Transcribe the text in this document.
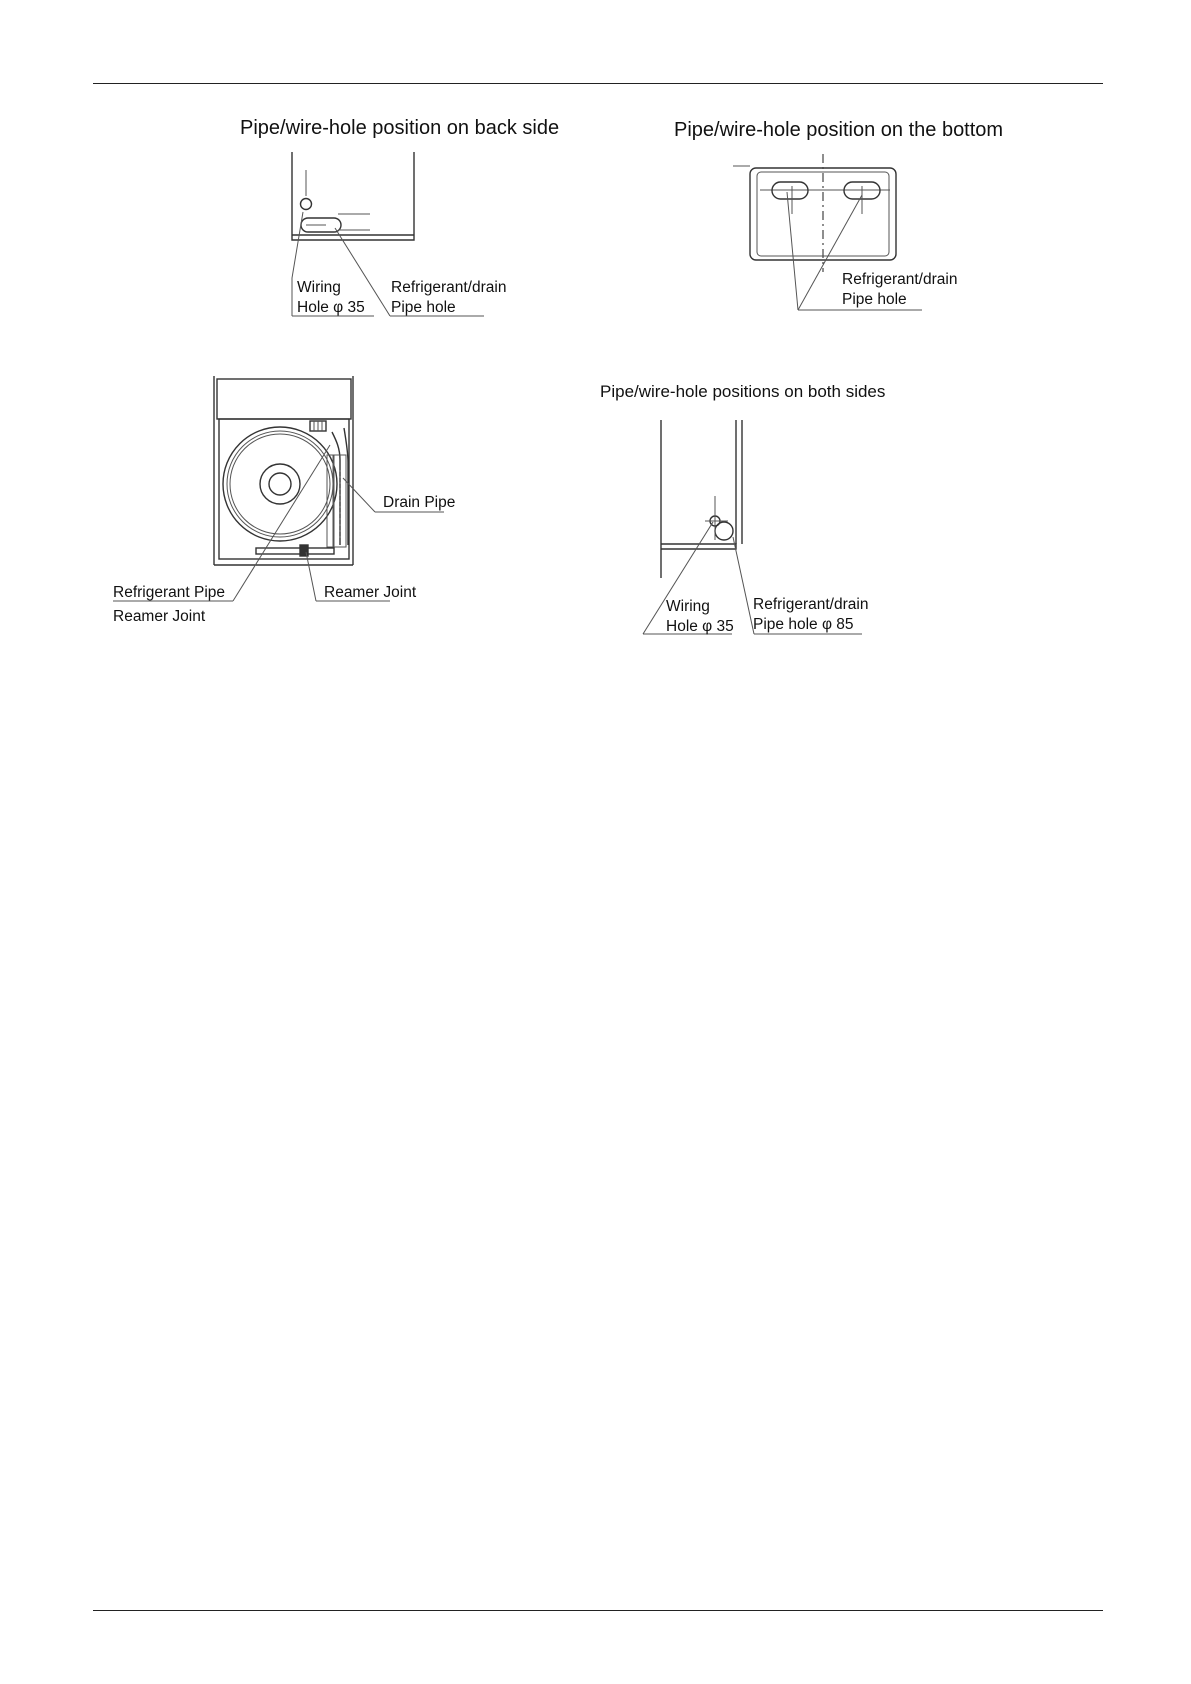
Pipe/wire-hole position on back side
Wiring
Hole φ 35
Refrigerant/drain
Pipe hole
Pipe/wire-hole position on the bottom
Refrigerant/drain
Pipe hole
Drain Pipe
Refrigerant Pipe
Reamer Joint
Reamer Joint
Pipe/wire-hole positions on both sides
Wiring
Hole φ 35
Refrigerant/drain
Pipe hole φ 85
